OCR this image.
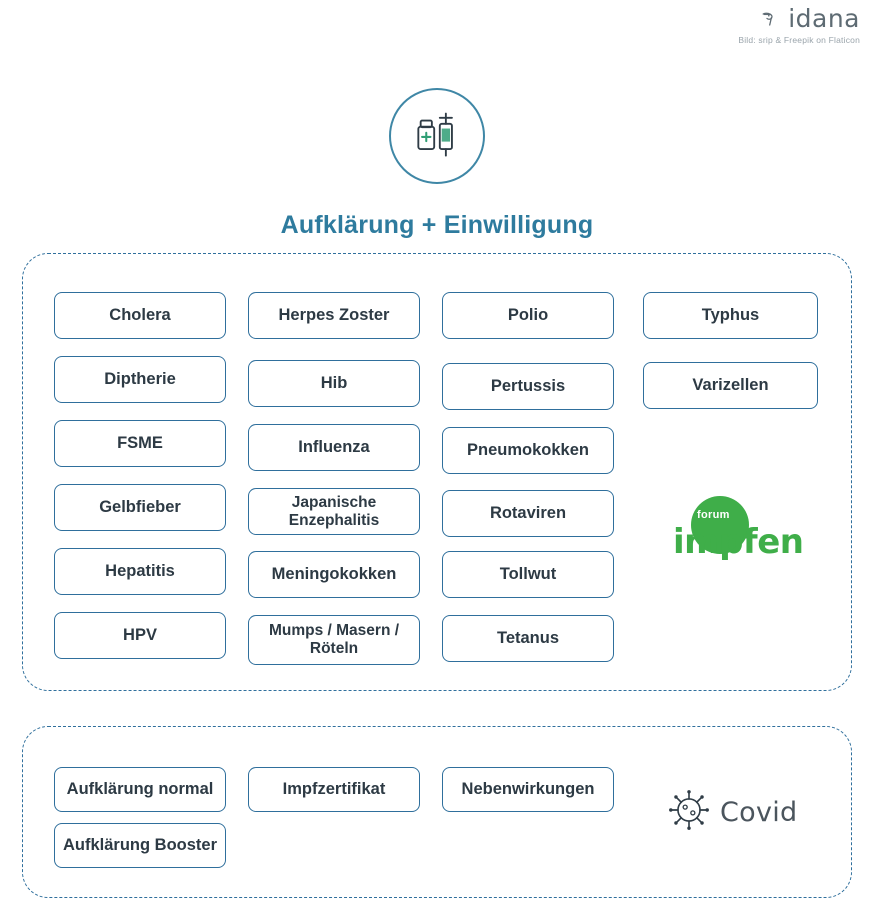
idana
Bild: srip & Freepik on Flaticon
Aufklärung + Einwilligung
Cholera
Diptherie
FSME
Gelbfieber
Hepatitis
HPV
Herpes Zoster
Hib
Influenza
Japanische Enzephalitis
Meningokokken
Mumps / Masern / Röteln
Polio
Pertussis
Pneumokokken
Rotaviren
Tollwut
Tetanus
Typhus
Varizellen
forum
impfen
Aufklärung normal	Impfzertifikat	Nebenwirkungen
Aufklärung Booster
Covid
